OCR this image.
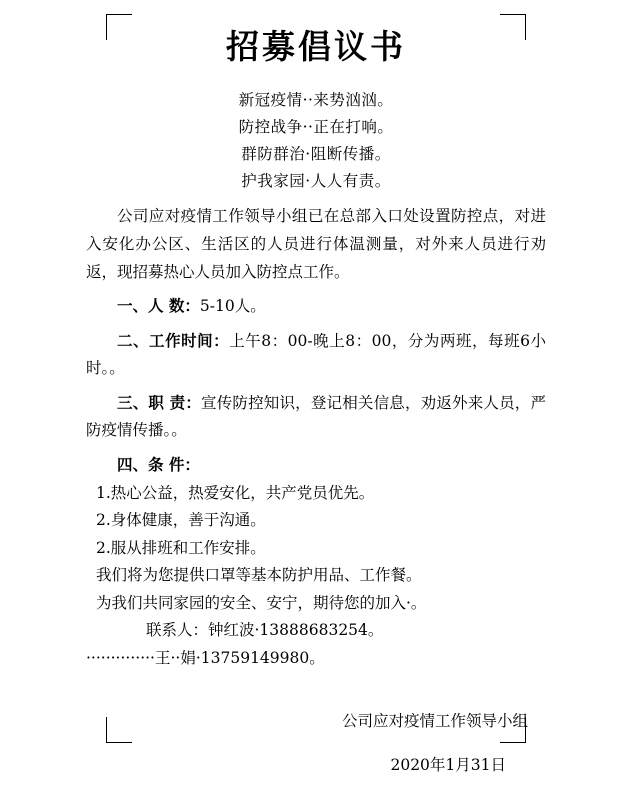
招募倡议书
新冠疫情··来势汹汹。
防控战争··正在打响。
群防群治·阻断传播。
护我家园·人人有责。

公司应对疫情工作领导小组已在总部入口处设置防控点，对进入安化办公区、生活区的人员进行体温测量，对外来人员进行劝返，现招募热心人员加入防控点工作。

一、人 数：5-10人。

二、工作时间：上午8：00-晚上8：00，分为两班，每班6小时。。

三、职 责：宣传防控知识，登记相关信息，劝返外来人员，严防疫情传播。。

四、条 件：

1.热心公益，热爱安化，共产党员优先。

2.身体健康，善于沟通。

2.服从排班和工作安排。

我们将为您提供口罩等基本防护用品、工作餐。

为我们共同家园的安全、安宁，期待您的加入·。

联系人：钟红波·13888683254。

··············王··娟·13759149980。

公司应对疫情工作领导小组

2020年1月31日
